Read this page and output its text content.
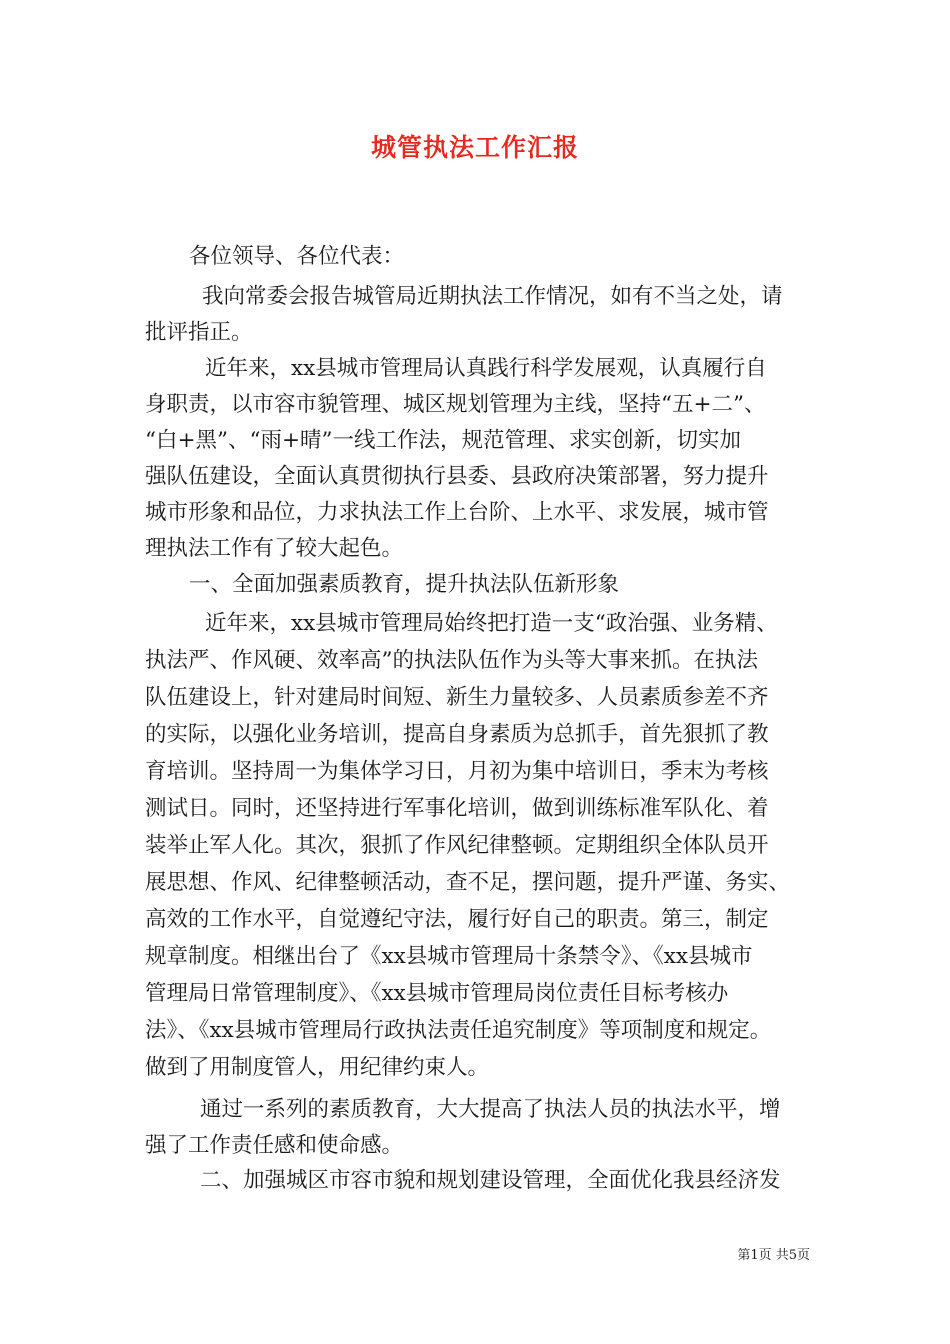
城管执法工作汇报
各位领导、各位代表：
我向常委会报告城管局近期执法工作情况，如有不当之处，请
批评指正。
近年来，xx县城市管理局认真践行科学发展观，认真履行自
身职责，以市容市貌管理、城区规划管理为主线，坚持“五+二”、
“白+黑”、“雨+晴”一线工作法，规范管理、求实创新，切实加
强队伍建设，全面认真贯彻执行县委、县政府决策部署，努力提升
城市形象和品位，力求执法工作上台阶、上水平、求发展，城市管
理执法工作有了较大起色。
一、全面加强素质教育，提升执法队伍新形象
近年来，xx县城市管理局始终把打造一支“政治强、业务精、
执法严、作风硬、效率高”的执法队伍作为头等大事来抓。在执法
队伍建设上，针对建局时间短、新生力量较多、人员素质参差不齐
的实际，以强化业务培训，提高自身素质为总抓手，首先狠抓了教
育培训。坚持周一为集体学习日，月初为集中培训日，季末为考核
测试日。同时，还坚持进行军事化培训，做到训练标准军队化、着
装举止军人化。其次，狠抓了作风纪律整顿。定期组织全体队员开
展思想、作风、纪律整顿活动，查不足，摆问题，提升严谨、务实、
高效的工作水平，自觉遵纪守法，履行好自己的职责。第三，制定
规章制度。相继出台了《xx县城市管理局十条禁令》、《xx县城市
管理局日常管理制度》、《xx县城市管理局岗位责任目标考核办
法》、《xx县城市管理局行政执法责任追究制度》等项制度和规定。
做到了用制度管人，用纪律约束人。
通过一系列的素质教育，大大提高了执法人员的执法水平，增
强了工作责任感和使命感。
二、加强城区市容市貌和规划建设管理，全面优化我县经济发
第1页 共5页
